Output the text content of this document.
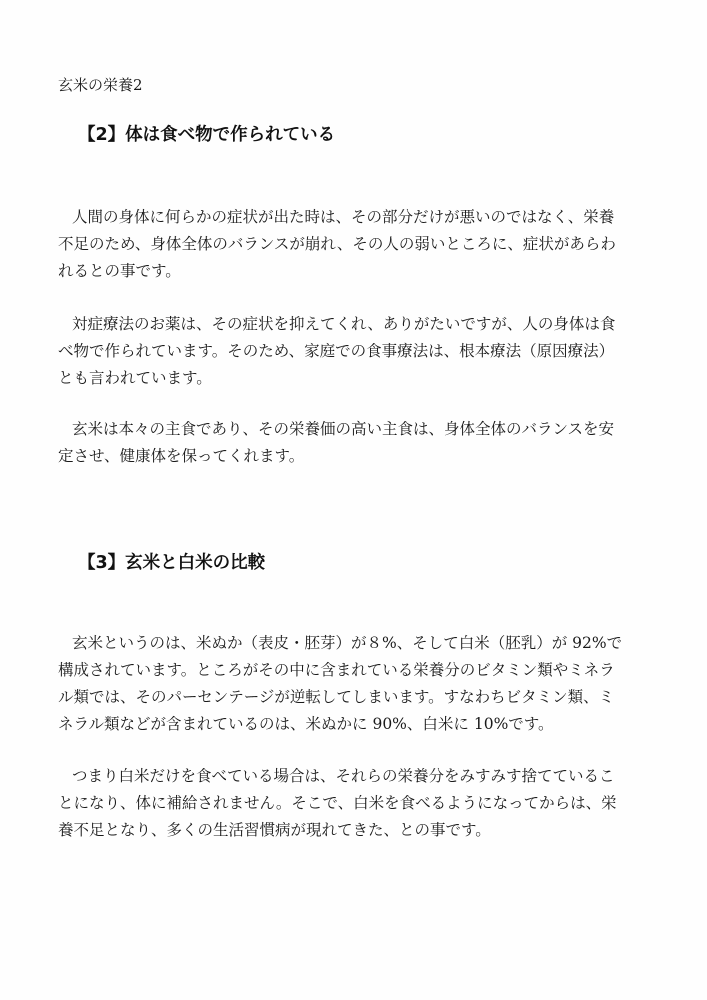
玄米の栄養2
【2】体は食べ物で作られている
人間の身体に何らかの症状が出た時は、その部分だけが悪いのではなく、栄養
不足のため、身体全体のバランスが崩れ、その人の弱いところに、症状があらわ
れるとの事です。
対症療法のお薬は、その症状を抑えてくれ、ありがたいですが、人の身体は食
べ物で作られています。そのため、家庭での食事療法は、根本療法（原因療法）
とも言われています。
玄米は本々の主食であり、その栄養価の高い主食は、身体全体のバランスを安
定させ、健康体を保ってくれます。
【3】玄米と白米の比較
玄米というのは、米ぬか（表皮・胚芽）が８%、そして白米（胚乳）が 92%で
構成されています。ところがその中に含まれている栄養分のビタミン類やミネラ
ル類では、そのパーセンテージが逆転してしまいます。すなわちビタミン類、ミ
ネラル類などが含まれているのは、米ぬかに 90%、白米に 10%です。
つまり白米だけを食べている場合は、それらの栄養分をみすみす捨てているこ
とになり、体に補給されません。そこで、白米を食べるようになってからは、栄
養不足となり、多くの生活習慣病が現れてきた、との事です。
